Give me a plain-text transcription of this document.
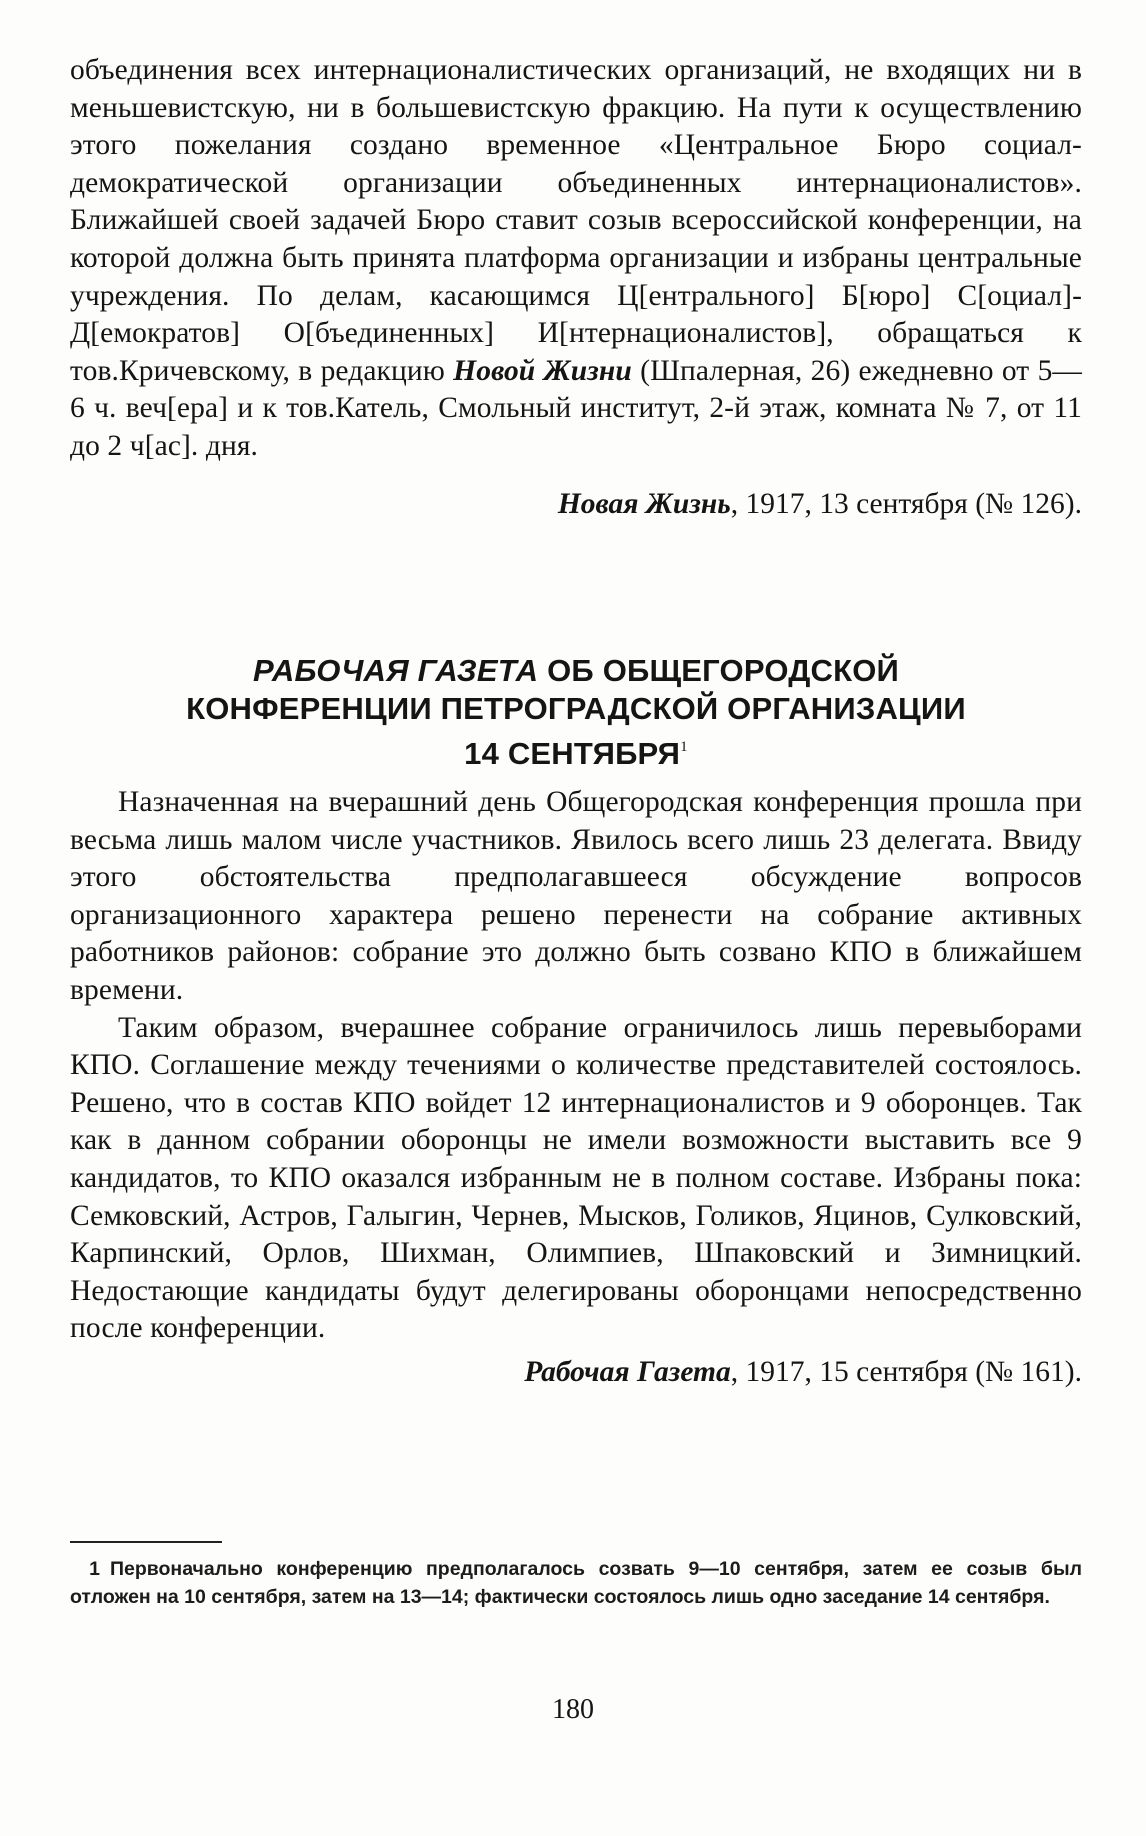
объединения всех интернационалистических организаций, не входящих ни в меньшевистскую, ни в большевистскую фракцию. На пути к осуществлению этого пожелания создано временное «Центральное Бюро социал-демократической организации объединенных интернационалистов». Ближайшей своей задачей Бюро ставит созыв всероссийской конференции, на которой должна быть принята платформа организации и избраны центральные учреждения. По делам, касающимся Ц[ентрального] Б[юро] С[оциал]-Д[емократов] О[бъединенных] И[нтернационалистов], обращаться к тов.Кричевскому, в редакцию Новой Жизни (Шпалерная, 26) ежедневно от 5—6 ч. веч[ера] и к тов.Катель, Смольный институт, 2-й этаж, комната № 7, от 11 до 2 ч[ас]. дня.

Новая Жизнь, 1917, 13 сентября (№ 126).
РАБОЧАЯ ГАЗЕТА ОБ ОБЩЕГОРОДСКОЙ
КОНФЕРЕНЦИИ ПЕТРОГРАДСКОЙ ОРГАНИЗАЦИИ
14 СЕНТЯБРЯ$^1$

Назначенная на вчерашний день Общегородская конференция прошла при весьма лишь малом числе участников. Явилось всего лишь 23 делегата. Ввиду этого обстоятельства предполагавшееся обсуждение вопросов организационного характера решено перенести на собрание активных работников районов: собрание это должно быть созвано КПО в ближайшем времени.

Таким образом, вчерашнее собрание ограничилось лишь перевыборами КПО. Соглашение между течениями о количестве представителей состоялось. Решено, что в состав КПО войдет 12 интернационалистов и 9 оборонцев. Так как в данном собрании оборонцы не имели возможности выставить все 9 кандидатов, то КПО оказался избранным не в полном составе. Избраны пока: Семковский, Астров, Галыгин, Чернев, Мысков, Голиков, Яцинов, Сулковский, Карпинский, Орлов, Шихман, Олимпиев, Шпаковский и Зимницкий. Недостающие кандидаты будут делегированы оборонцами непосредственно после конференции.

Рабочая Газета, 1917, 15 сентября (№ 161).
1 Первоначально конференцию предполагалось созвать 9—10 сентября, затем ее созыв был отложен на 10 сентября, затем на 13—14; фактически состоялось лишь одно заседание 14 сентября.
180
